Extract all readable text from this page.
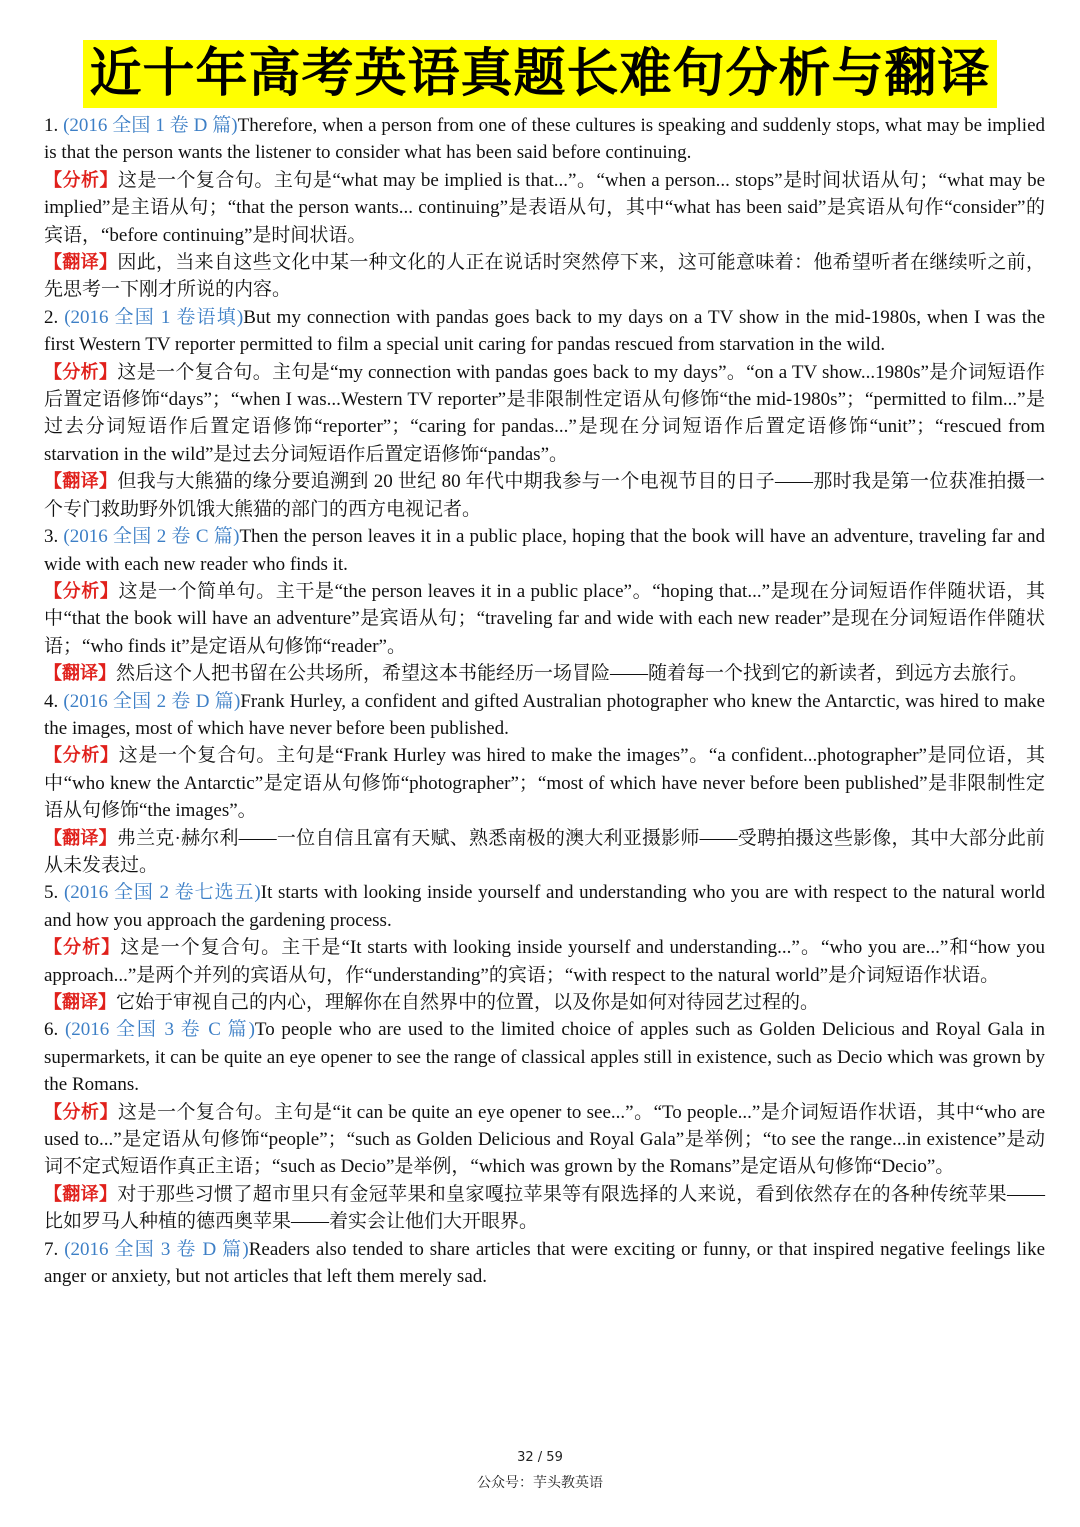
近十年高考英语真题长难句分析与翻译

1. (2016 全国 1 卷 D 篇)Therefore, when a person from one of these cultures is speaking and suddenly stops, what may be implied is that the person wants the listener to consider what has been said before continuing.

【分析】这是一个复合句。主句是“what may be implied is that...”。“when a person... stops”是时间状语从句；“what may be implied”是主语从句；“that the person wants... continuing”是表语从句，其中“what has been said”是宾语从句作“consider”的宾语，“before continuing”是时间状语。

【翻译】因此，当来自这些文化中某一种文化的人正在说话时突然停下来，这可能意味着：他希望听者在继续听之前，先思考一下刚才所说的内容。

2. (2016 全国 1 卷语填)But my connection with pandas goes back to my days on a TV show in the mid-1980s, when I was the first Western TV reporter permitted to film a special unit caring for pandas rescued from starvation in the wild.

【分析】这是一个复合句。主句是“my connection with pandas goes back to my days”。“on a TV show...1980s”是介词短语作后置定语修饰“days”；“when I was...Western TV reporter”是非限制性定语从句修饰“the mid-1980s”；“permitted to film...”是过去分词短语作后置定语修饰“reporter”；“caring for pandas...”是现在分词短语作后置定语修饰“unit”；“rescued from starvation in the wild”是过去分词短语作后置定语修饰“pandas”。

【翻译】但我与大熊猫的缘分要追溯到 20 世纪 80 年代中期我参与一个电视节目的日子——那时我是第一位获准拍摄一个专门救助野外饥饿大熊猫的部门的西方电视记者。

3. (2016 全国 2 卷 C 篇)Then the person leaves it in a public place, hoping that the book will have an adventure, traveling far and wide with each new reader who finds it.

【分析】这是一个简单句。主干是“the person leaves it in a public place”。“hoping that...”是现在分词短语作伴随状语，其中“that the book will have an adventure”是宾语从句；“traveling far and wide with each new reader”是现在分词短语作伴随状语；“who finds it”是定语从句修饰“reader”。

【翻译】然后这个人把书留在公共场所，希望这本书能经历一场冒险——随着每一个找到它的新读者，到远方去旅行。

4. (2016 全国 2 卷 D 篇)Frank Hurley, a confident and gifted Australian photographer who knew the Antarctic, was hired to make the images, most of which have never before been published.

【分析】这是一个复合句。主句是“Frank Hurley was hired to make the images”。“a confident...photographer”是同位语，其中“who knew the Antarctic”是定语从句修饰“photographer”；“most of which have never before been published”是非限制性定语从句修饰“the images”。

【翻译】弗兰克·赫尔利——一位自信且富有天赋、熟悉南极的澳大利亚摄影师——受聘拍摄这些影像，其中大部分此前从未发表过。

5. (2016 全国 2 卷七选五)It starts with looking inside yourself and understanding who you are with respect to the natural world and how you approach the gardening process.

【分析】这是一个复合句。主干是“It starts with looking inside yourself and understanding...”。“who you are...”和“how you approach...”是两个并列的宾语从句，作“understanding”的宾语；“with respect to the natural world”是介词短语作状语。

【翻译】它始于审视自己的内心，理解你在自然界中的位置，以及你是如何对待园艺过程的。

6. (2016 全国 3 卷 C 篇)To people who are used to the limited choice of apples such as Golden Delicious and Royal Gala in supermarkets, it can be quite an eye opener to see the range of classical apples still in existence, such as Decio which was grown by the Romans.

【分析】这是一个复合句。主句是“it can be quite an eye opener to see...”。“To people...”是介词短语作状语，其中“who are used to...”是定语从句修饰“people”；“such as Golden Delicious and Royal Gala”是举例；“to see the range...in existence”是动词不定式短语作真正主语；“such as Decio”是举例，“which was grown by the Romans”是定语从句修饰“Decio”。

【翻译】对于那些习惯了超市里只有金冠苹果和皇家嘎拉苹果等有限选择的人来说，看到依然存在的各种传统苹果——比如罗马人种植的德西奥苹果——着实会让他们大开眼界。

7. (2016 全国 3 卷 D 篇)Readers also tended to share articles that were exciting or funny, or that inspired negative feelings like anger or anxiety, but not articles that left them merely sad.

32 / 59
公众号：芋头教英语
